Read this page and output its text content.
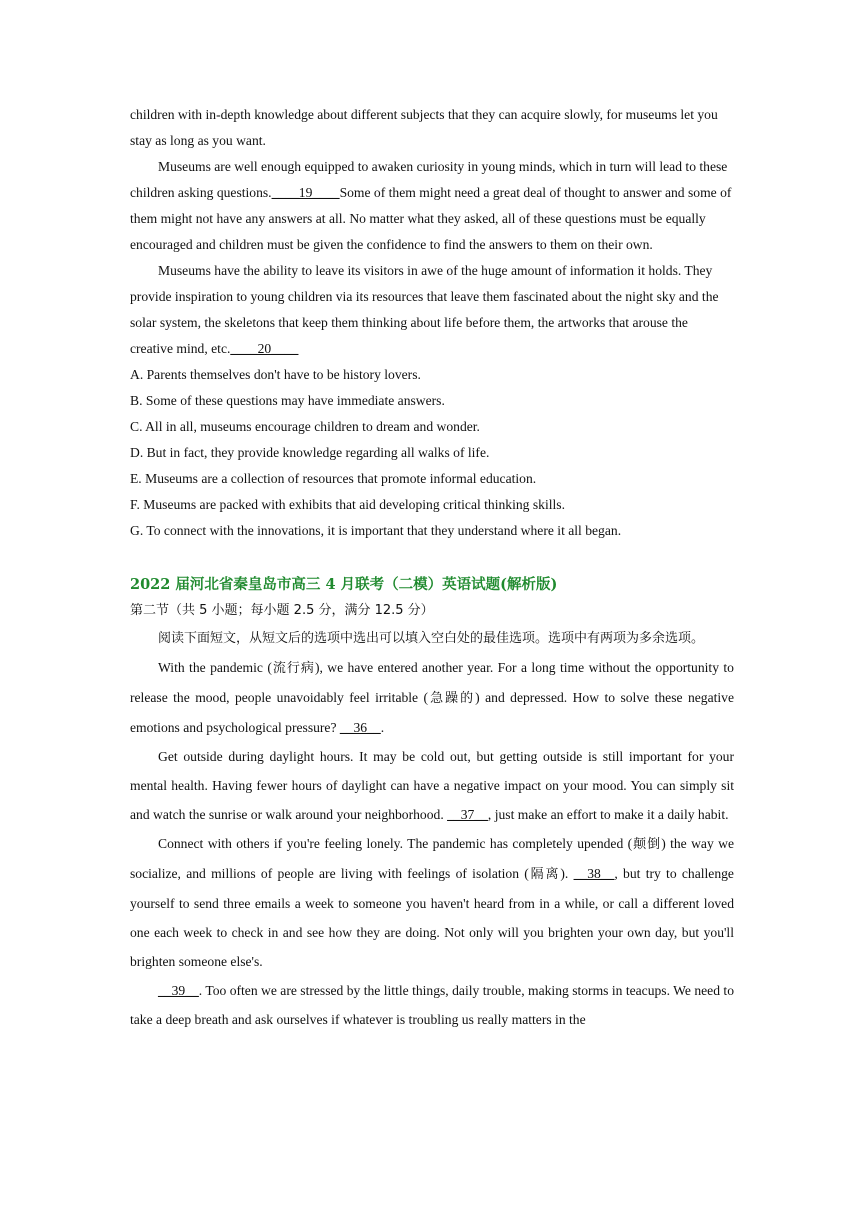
children with in-depth knowledge about different subjects that they can acquire slowly, for museums let you stay as long as you want.

Museums are well enough equipped to awaken curiosity in young minds, which in turn will lead to these children asking questions.____19____Some of them might need a great deal of thought to answer and some of them might not have any answers at all. No matter what they asked, all of these questions must be equally encouraged and children must be given the confidence to find the answers to them on their own.

Museums have the ability to leave its visitors in awe of the huge amount of information it holds. They provide inspiration to young children via its resources that leave them fascinated about the night sky and the solar system, the skeletons that keep them thinking about life before them, the artworks that arouse the creative mind, etc.____20____

A. Parents themselves don't have to be history lovers.

B. Some of these questions may have immediate answers.

C. All in all, museums encourage children to dream and wonder.

D. But in fact, they provide knowledge regarding all walks of life.

E. Museums are a collection of resources that promote informal education.

F. Museums are packed with exhibits that aid developing critical thinking skills.

G. To connect with the innovations, it is important that they understand where it all began.

2022 届河北省秦皇岛市高三 4 月联考（二模）英语试题(解析版)

第二节（共 5 小题；每小题 2.5 分，满分 12.5 分）

阅读下面短文，从短文后的选项中选出可以填入空白处的最佳选项。选项中有两项为多余选项。

With the pandemic (流行病), we have entered another year. For a long time without the opportunity to release the mood, people unavoidably feel irritable (急躁的) and depressed. How to solve these negative emotions and psychological pressure? __36__.

Get outside during daylight hours. It may be cold out, but getting outside is still important for your mental health. Having fewer hours of daylight can have a negative impact on your mood. You can simply sit and watch the sunrise or walk around your neighborhood. __37__, just make an effort to make it a daily habit.

Connect with others if you're feeling lonely. The pandemic has completely upended (颠倒) the way we socialize, and millions of people are living with feelings of isolation (隔离). __38__, but try to challenge yourself to send three emails a week to someone you haven't heard from in a while, or call a different loved one each week to check in and see how they are doing. Not only will you brighten your own day, but you'll brighten someone else's.

__39__. Too often we are stressed by the little things, daily trouble, making storms in teacups. We need to take a deep breath and ask ourselves if whatever is troubling us really matters in the
